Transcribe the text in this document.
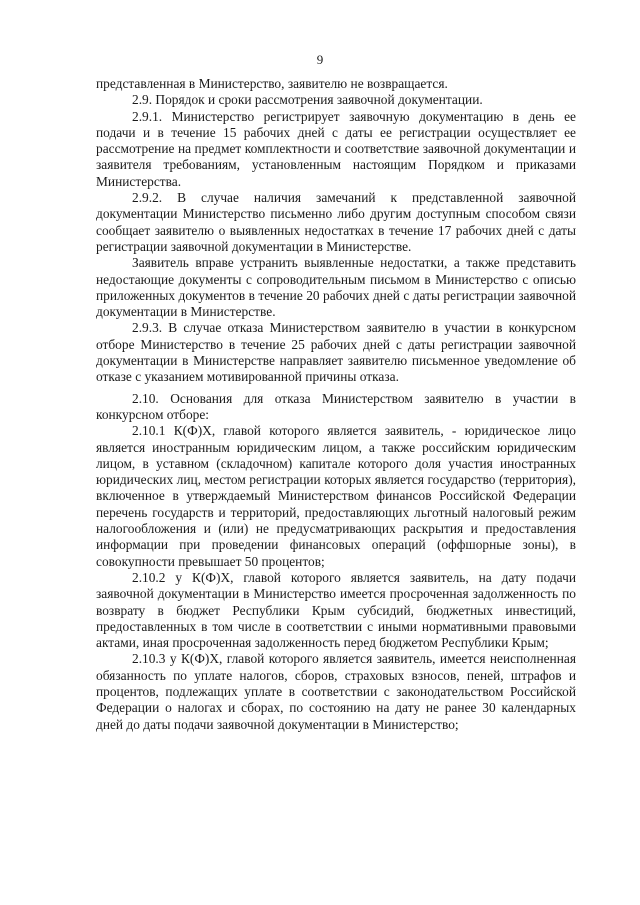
9

представленная в Министерство, заявителю не возвращается.

2.9. Порядок и сроки рассмотрения заявочной документации.

2.9.1. Министерство регистрирует заявочную документацию в день ее подачи и в течение 15 рабочих дней с даты ее регистрации осуществляет ее рассмотрение на предмет комплектности и соответствие заявочной документации и заявителя требованиям, установленным настоящим Порядком и приказами Министерства.

2.9.2. В случае наличия замечаний к представленной заявочной документации Министерство письменно либо другим доступным способом связи сообщает заявителю о выявленных недостатках в течение 17 рабочих дней с даты регистрации заявочной документации в Министерстве.

Заявитель вправе устранить выявленные недостатки, а также представить недостающие документы с сопроводительным письмом в Министерство с описью приложенных документов в течение 20 рабочих дней с даты регистрации заявочной документации в Министерстве.

2.9.3. В случае отказа Министерством заявителю в участии в конкурсном отборе Министерство в течение 25 рабочих дней с даты регистрации заявочной документации в Министерстве направляет заявителю письменное уведомление об отказе с указанием мотивированной причины отказа.

2.10. Основания для отказа Министерством заявителю в участии в конкурсном отборе:

2.10.1 К(Ф)Х, главой которого является заявитель, - юридическое лицо является иностранным юридическим лицом, а также российским юридическим лицом, в уставном (складочном) капитале которого доля участия иностранных юридических лиц, местом регистрации которых является государство (территория), включенное в утверждаемый Министерством финансов Российской Федерации перечень государств и территорий, предоставляющих льготный налоговый режим налогообложения и (или) не предусматривающих раскрытия и предоставления информации при проведении финансовых операций (оффшорные зоны), в совокупности превышает 50 процентов;

2.10.2 у К(Ф)Х, главой которого является заявитель, на дату подачи заявочной документации в Министерство имеется просроченная задолженность по возврату в бюджет Республики Крым субсидий, бюджетных инвестиций, предоставленных в том числе в соответствии с иными нормативными правовыми актами, иная просроченная задолженность перед бюджетом Республики Крым;

2.10.3 у К(Ф)Х, главой которого является заявитель, имеется неисполненная обязанность по уплате налогов, сборов, страховых взносов, пеней, штрафов и процентов, подлежащих уплате в соответствии с законодательством Российской Федерации о налогах и сборах, по состоянию на дату не ранее 30 календарных дней до даты подачи заявочной документации в Министерство;
